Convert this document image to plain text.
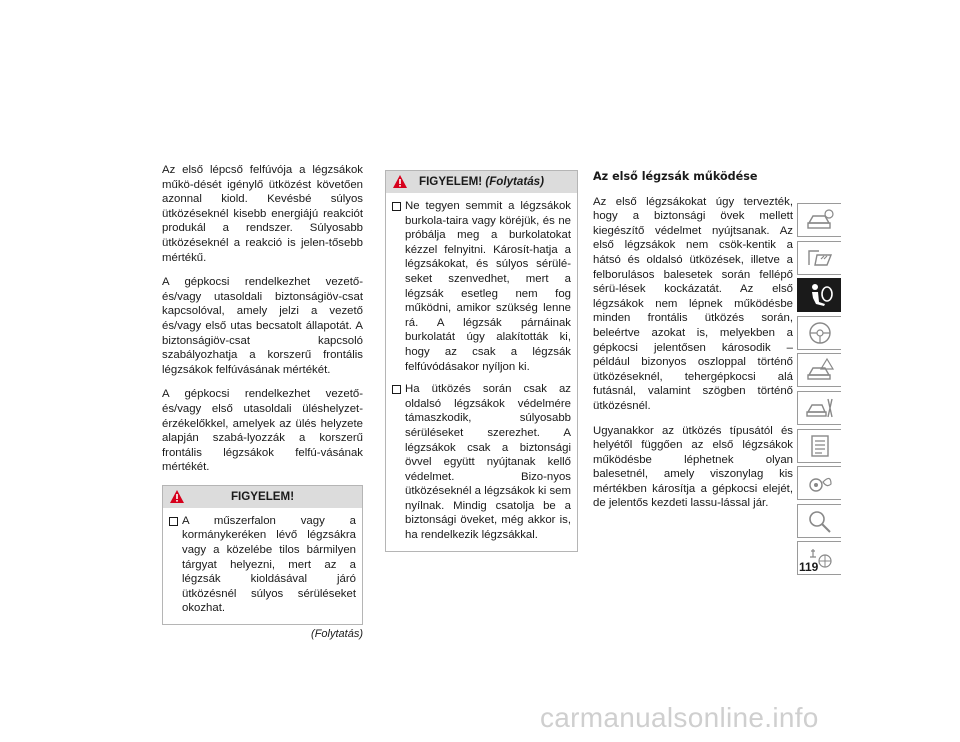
Az első lépcső felfúvója a légzsákok műkö-dését igénylő ütközést követően azonnal kiold. Kevésbé súlyos ütközéseknél kisebb energiájú reakciót produkál a rendszer. Súlyosabb ütközéseknél a reakció is jelen-tősebb mértékű.

A gépkocsi rendelkezhet vezető- és/vagy utasoldali biztonságiöv-csat kapcsolóval, amely jelzi a vezető és/vagy első utas becsatolt állapotát. A biztonságiöv-csat kapcsoló szabályozhatja a korszerű frontális légzsákok felfúvásának mértékét.

A gépkocsi rendelkezhet vezető- és/vagy első utasoldali üléshelyzet-érzékelőkkel, amelyek az ülés helyzete alapján szabá-lyozzák a korszerű frontális légzsákok felfú-vásának mértékét.

FIGYELEM!
A műszerfalon vagy a kormánykeréken lévő légzsákra vagy a közelébe tilos bármilyen tárgyat helyezni, mert az a légzsák kioldásával járó ütközésnél súlyos sérüléseket okozhat.
(Folytatás)
FIGYELEM! (Folytatás)
Ne tegyen semmit a légzsákok burkola-taira vagy köréjük, és ne próbálja meg a burkolatokat kézzel felnyitni. Károsít-hatja a légzsákokat, és súlyos sérülé-seket szenvedhet, mert a légzsák esetleg nem fog működni, amikor szükség lenne rá. A légzsák párnáinak burkolatát úgy alakították ki, hogy az csak a légzsák felfúvódásakor nyíljon ki.
Ha ütközés során csak az oldalsó légzsákok védelmére támaszkodik, súlyosabb sérüléseket szerezhet. A légzsákok csak a biztonsági övvel együtt nyújtanak kellő védelmet. Bizo-nyos ütközéseknél a légzsákok ki sem nyílnak. Mindig csatolja be a biztonsági öveket, még akkor is, ha rendelkezik légzsákkal.
Az első légzsák működése

Az első légzsákokat úgy tervezték, hogy a biztonsági övek mellett kiegészítő védelmet nyújtsanak. Az első légzsákok nem csök-kentik a hátsó és oldalsó ütközések, illetve a felborulásos balesetek során fellépő sérü-lések kockázatát. Az első légzsákok nem lépnek működésbe minden frontális ütközés során, beleértve azokat is, melyekben a gépkocsi jelentősen károsodik – például bizonyos oszloppal történő ütközéseknél, tehergépkocsi alá futásnál, valamint szögben történő ütközésnél.

Ugyanakkor az ütközés típusától és helyétől függően az első légzsákok működésbe léphetnek olyan balesetnél, amely viszonylag kis mértékben károsítja a gépkocsi elejét, de jelentős kezdeti lassu-lással jár.

119
carmanualsonline.info
